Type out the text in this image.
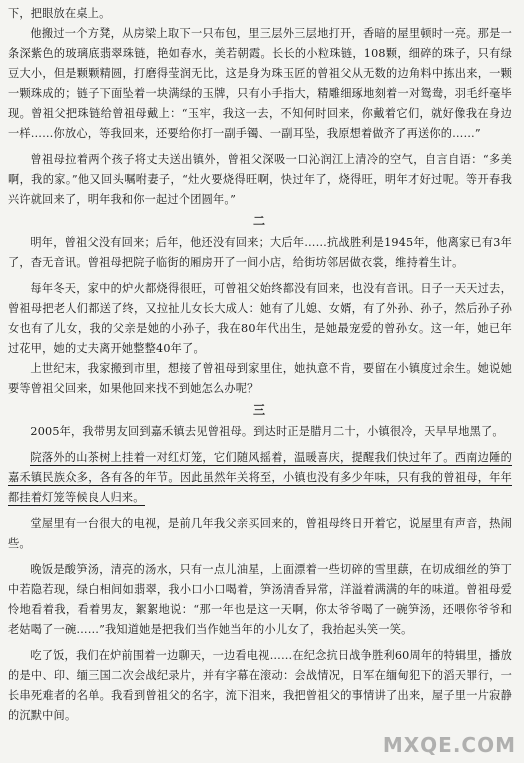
下，把眼放在桌上。

他搬过一个方凳，从房梁上取下一只布包，里三层外三层地打开，香暗的屋里顿时一亮。那是一条深紫色的玻璃底翡翠珠链，艳如春水，美若朝霞。长长的小粒珠链，108颗，细碎的珠子，只有绿豆大小，但是颗颗精圆，打磨得莹润无比，这是身为珠玉匠的曾祖父从无数的边角料中拣出来，一颗一颗珠成的；链子下面坠着一块满绿的玉牌，只有小手指大，精雕细琢地刻着一对鸳鸯，羽毛纤毫毕现。曾祖父把珠链给曾祖母戴上：“玉牢，我这一去，不知何时回来，你戴着它们，就好像我在身边一样……你放心，等我回来，还要给你打一副手镯、一副耳坠，我原想着做齐了再送你的……”

曾祖母拉着两个孩子将丈夫送出镇外，曾祖父深吸一口沁润江上清冷的空气，自言自语：“多美啊，我的家。”他又回头嘱咐妻子，“灶火要烧得旺啊，快过年了，烧得旺，明年才好过呢。等开春我兴许就回来了，明年我和你一起过个团圆年。”

二

明年，曾祖父没有回来；后年，他还没有回来；大后年……抗战胜利是1945年，他离家已有3年了，杳无音讯。曾祖母把院子临街的厢房开了一间小店，给街坊邻居做衣裳，维持着生计。

每年冬天，家中的炉火都烧得很旺，可曾祖父始终都没有回来，也没有音讯。日子一天天过去，曾祖母把老人们都送了终，又拉扯儿女长大成人：她有了儿媳、女婿，有了外孙、孙子，然后孙子孙女也有了儿女，我的父亲是她的小孙子，我在80年代出生，是她最宠爱的曾孙女。这一年，她已年过花甲，她的丈夫离开她整整40年了。

上世纪末，我家搬到市里，想接了曾祖母到家里住，她执意不肯，要留在小镇度过余生。她说她要等曾祖父回来，如果他回来找不到她怎么办呢？

三

2005年，我带男友回到嘉禾镇去见曾祖母。到达时正是腊月二十，小镇很冷，天早早地黑了。

院落外的山茶树上挂着一对红灯笼，它们随风摇着，温暖喜庆，提醒我们快过年了。西南边陲的嘉禾镇民族众多，各有各的年节。因此虽然年关将至，小镇也没有多少年味，只有我的曾祖母，年年都挂着灯笼等候良人归来。

堂屋里有一台很大的电视，是前几年我父亲买回来的，曾祖母终日开着它，说屋里有声音，热闹些。

晚饭是酸笋汤，清亮的汤水，只有一点儿油星，上面漂着一些切碎的雪里蕻，在切成细丝的笋丁中若隐若现，绿白相间如翡翠，我小口小口喝着，笋汤清香异常，洋溢着满满的年的味道。曾祖母爱怜地看着我，看着男友，絮絮地说：“那一年也是这一天啊，你太爷爷喝了一碗笋汤，还喂你爷爷和老姑喝了一碗……”我知道她是把我们当作她当年的小儿女了，我抬起头笑一笑。

吃了饭，我们在炉前围着一边聊天，一边看电视……在纪念抗日战争胜利60周年的特辑里，播放的是中、印、缅三国二次会战纪录片，并有字幕在滚动：会战情况，日军在缅甸犯下的滔天罪行，一长串死难者的名单。我看到曾祖父的名字，流下泪来，我把曾祖父的事情讲了出来，屋子里一片寂静的沉默中间。

MXQE.COM
